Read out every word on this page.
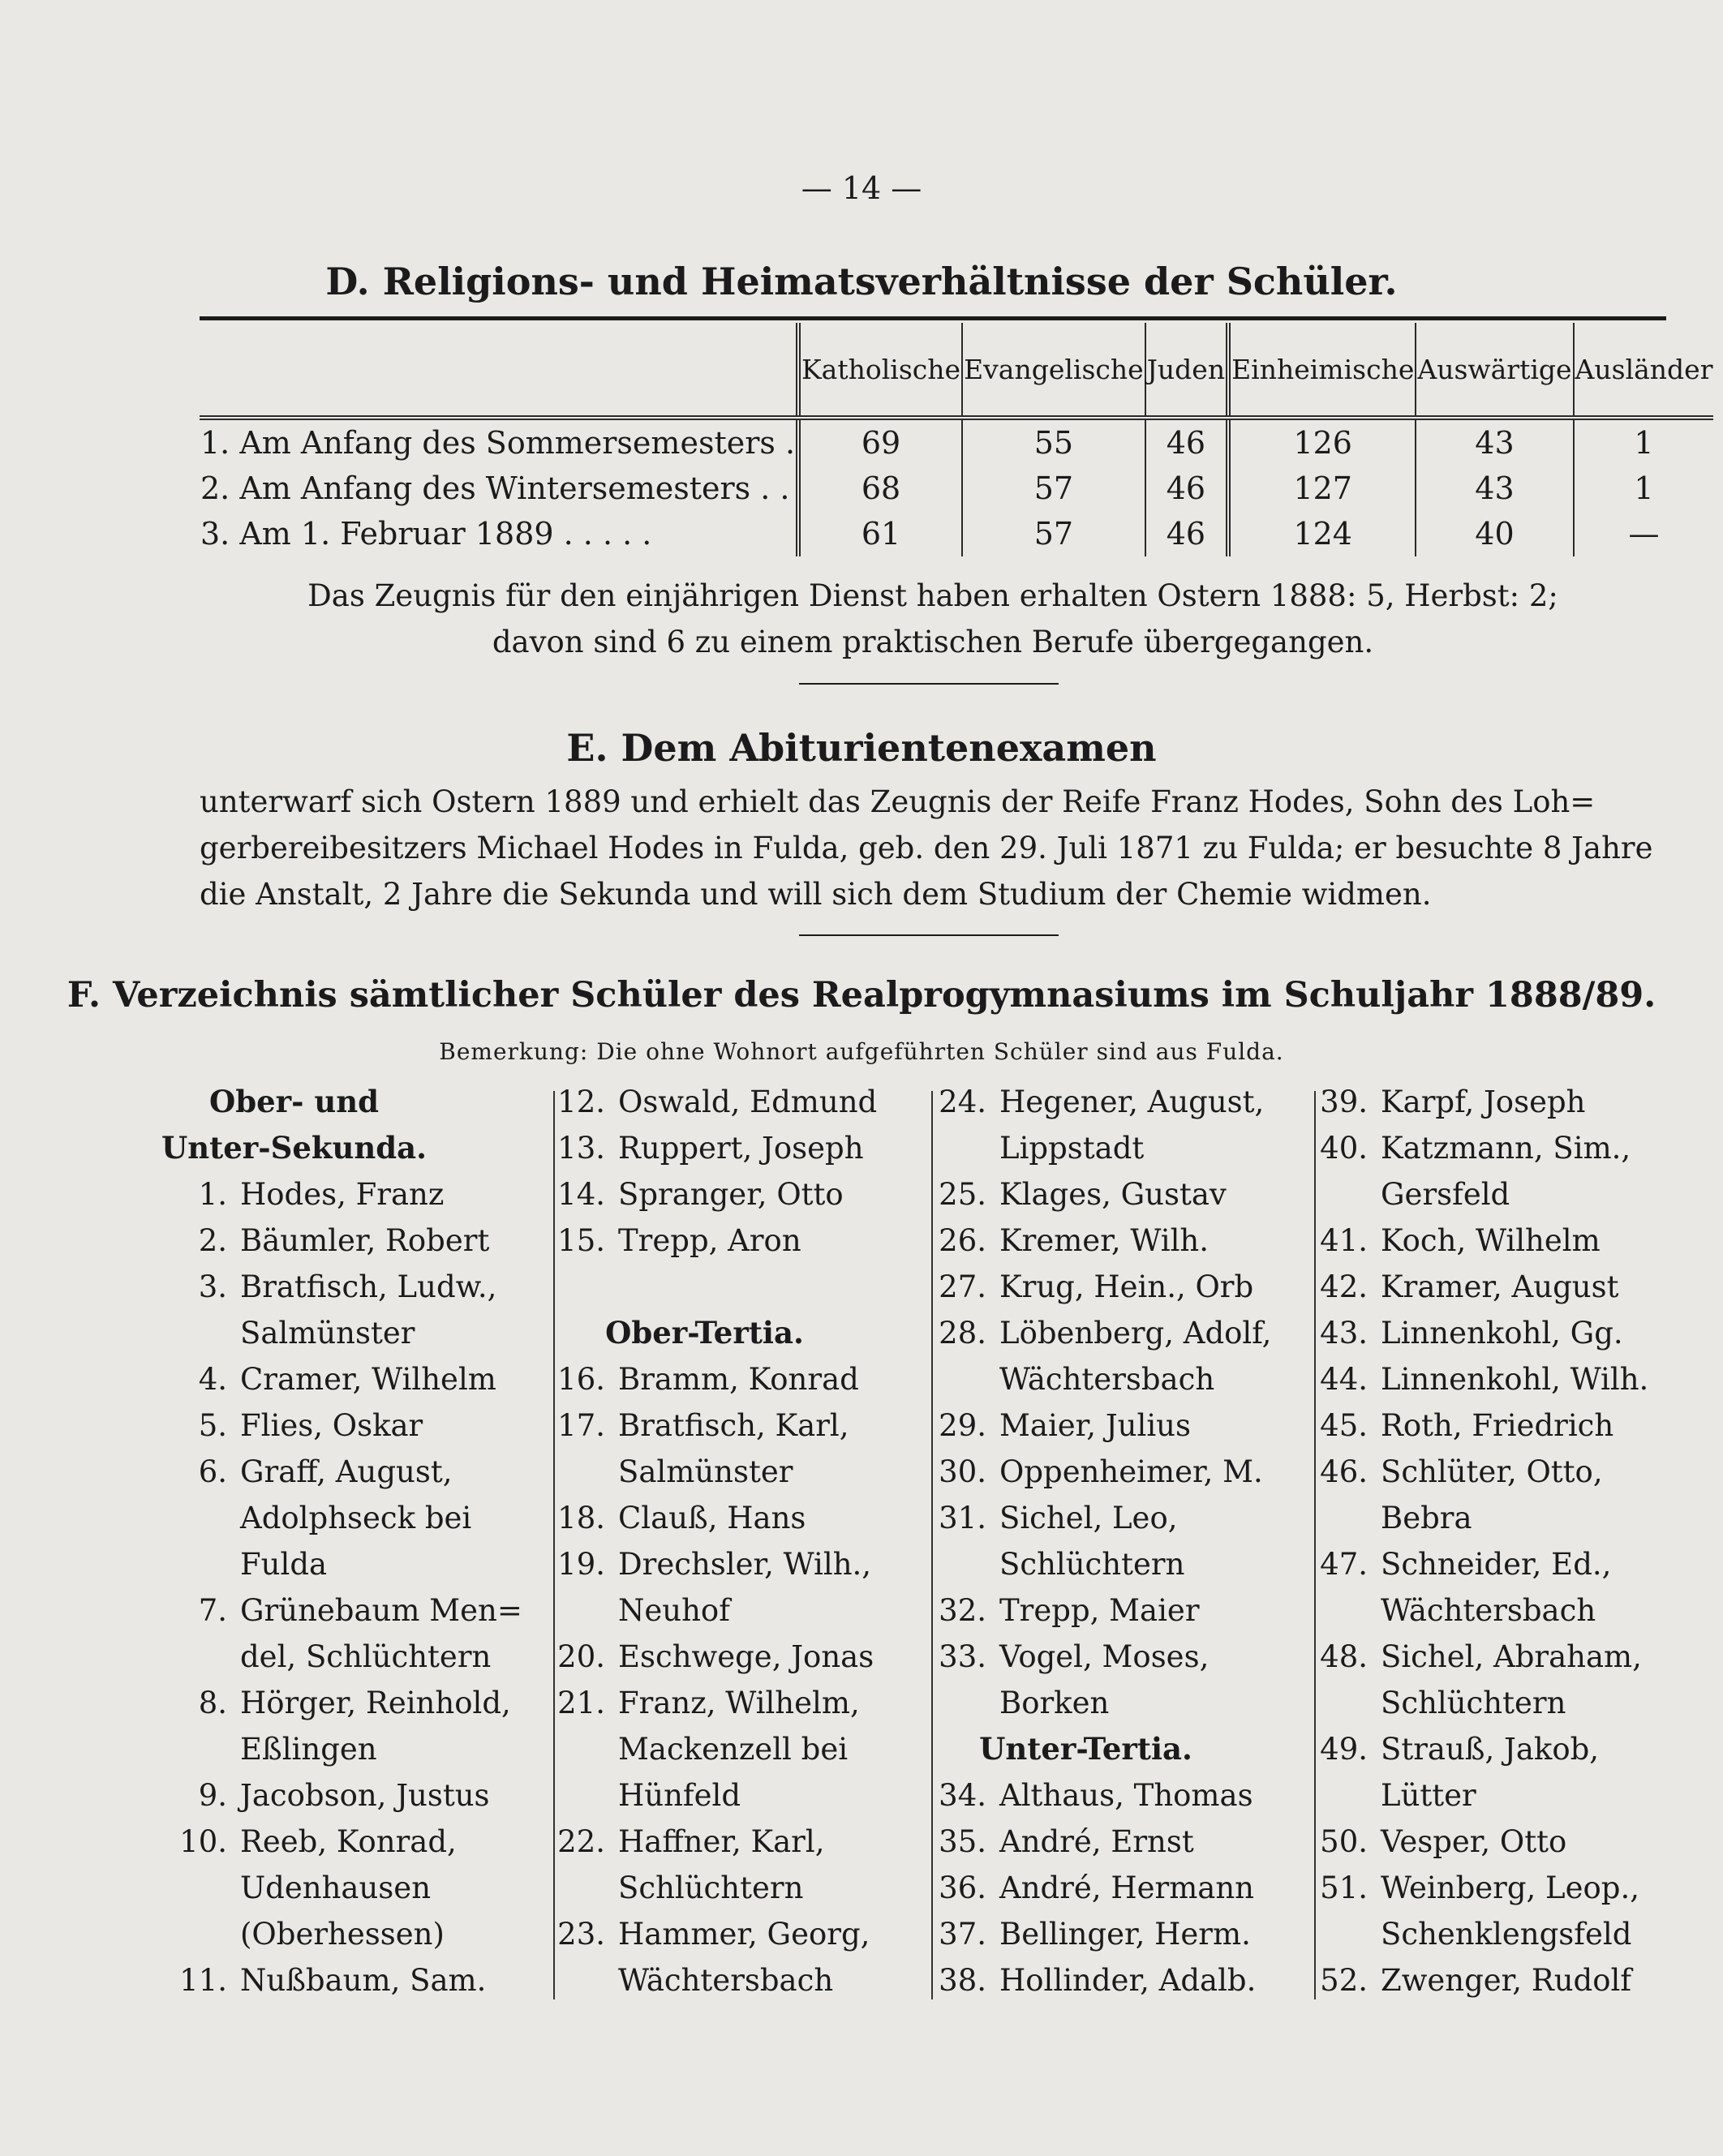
— 14 —
D. Religions- und Heimatsverhältnisse der Schüler.
	Katholische	Evangelische	Juden	Einheimische	Auswärtige	Ausländer
1. Am Anfang des Sommersemesters .	69	55	46	126	43	1
2. Am Anfang des Wintersemesters . .	68	57	46	127	43	1
3. Am 1. Februar 1889 . . . . .	61	57	46	124	40	—
Das Zeugnis für den einjährigen Dienst haben erhalten Ostern 1888: 5, Herbst: 2;
davon sind 6 zu einem praktischen Berufe übergegangen.
E. Dem Abiturientenexamen
unterwarf sich Ostern 1889 und erhielt das Zeugnis der Reife Franz Hodes, Sohn des Loh=
gerbereibesitzers Michael Hodes in Fulda, geb. den 29. Juli 1871 zu Fulda; er besuchte 8 Jahre
die Anstalt, 2 Jahre die Sekunda und will sich dem Studium der Chemie widmen.
F. Verzeichnis sämtlicher Schüler des Realprogymnasiums im Schuljahr 1888/89.
Bemerkung: Die ohne Wohnort aufgeführten Schüler sind aus Fulda.
Ober- und
Unter-Sekunda.
1. Hodes, Franz
2. Bäumler, Robert
3. Bratfisch, Ludw.,
Salmünster
4. Cramer, Wilhelm
5. Flies, Oskar
6. Graff, August,
Adolphseck bei
Fulda
7. Grünebaum Men=
del, Schlüchtern
8. Hörger, Reinhold,
Eßlingen
9. Jacobson, Justus
10. Reeb, Konrad,
Udenhausen
(Oberhessen)
11. Nußbaum, Sam.
12. Oswald, Edmund
13. Ruppert, Joseph
14. Spranger, Otto
15. Trepp, Aron

Ober-Tertia.
16. Bramm, Konrad
17. Bratfisch, Karl,
Salmünster
18. Clauß, Hans
19. Drechsler, Wilh.,
Neuhof
20. Eschwege, Jonas
21. Franz, Wilhelm,
Mackenzell bei
Hünfeld
22. Haffner, Karl,
Schlüchtern
23. Hammer, Georg,
Wächtersbach
24. Hegener, August,
Lippstadt
25. Klages, Gustav
26. Kremer, Wilh.
27. Krug, Hein., Orb
28. Löbenberg, Adolf,
Wächtersbach
29. Maier, Julius
30. Oppenheimer, M.
31. Sichel, Leo,
Schlüchtern
32. Trepp, Maier
33. Vogel, Moses,
Borken
Unter-Tertia.
34. Althaus, Thomas
35. André, Ernst
36. André, Hermann
37. Bellinger, Herm.
38. Hollinder, Adalb.
39. Karpf, Joseph
40. Katzmann, Sim.,
Gersfeld
41. Koch, Wilhelm
42. Kramer, August
43. Linnenkohl, Gg.
44. Linnenkohl, Wilh.
45. Roth, Friedrich
46. Schlüter, Otto,
Bebra
47. Schneider, Ed.,
Wächtersbach
48. Sichel, Abraham,
Schlüchtern
49. Strauß, Jakob,
Lütter
50. Vesper, Otto
51. Weinberg, Leop.,
Schenklengsfeld
52. Zwenger, Rudolf
